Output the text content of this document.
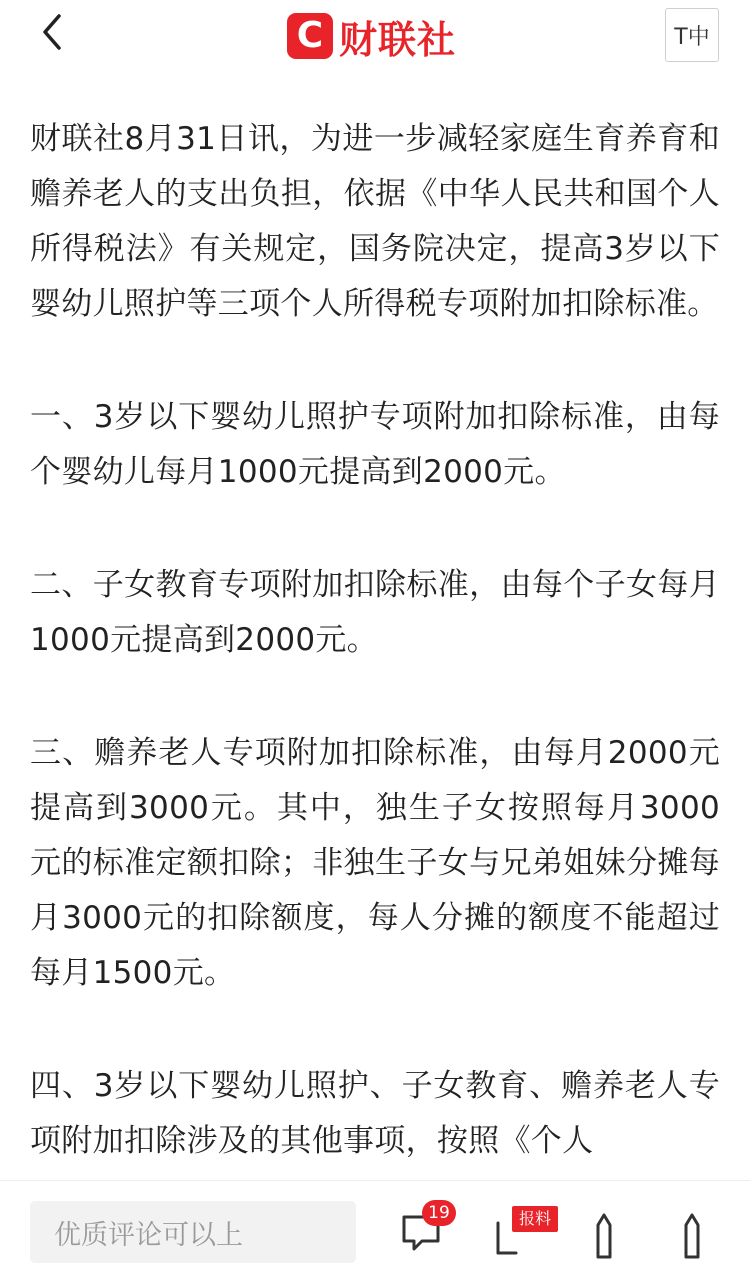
C 财联社	T中

财联社8月31日讯，为进一步减轻家庭生育养育和赡养老人的支出负担，依据《中华人民共和国个人所得税法》有关规定，国务院决定，提高3岁以下婴幼儿照护等三项个人所得税专项附加扣除标准。

一、3岁以下婴幼儿照护专项附加扣除标准，由每个婴幼儿每月1000元提高到2000元。

二、子女教育专项附加扣除标准，由每个子女每月1000元提高到2000元。

三、赡养老人专项附加扣除标准，由每月2000元提高到3000元。其中，独生子女按照每月3000元的标准定额扣除；非独生子女与兄弟姐妹分摊每月3000元的扣除额度，每人分摊的额度不能超过每月1500元。

四、3岁以下婴幼儿照护、子女教育、赡养老人专项附加扣除涉及的其他事项，按照《个人

优质评论可以上
19	报料
